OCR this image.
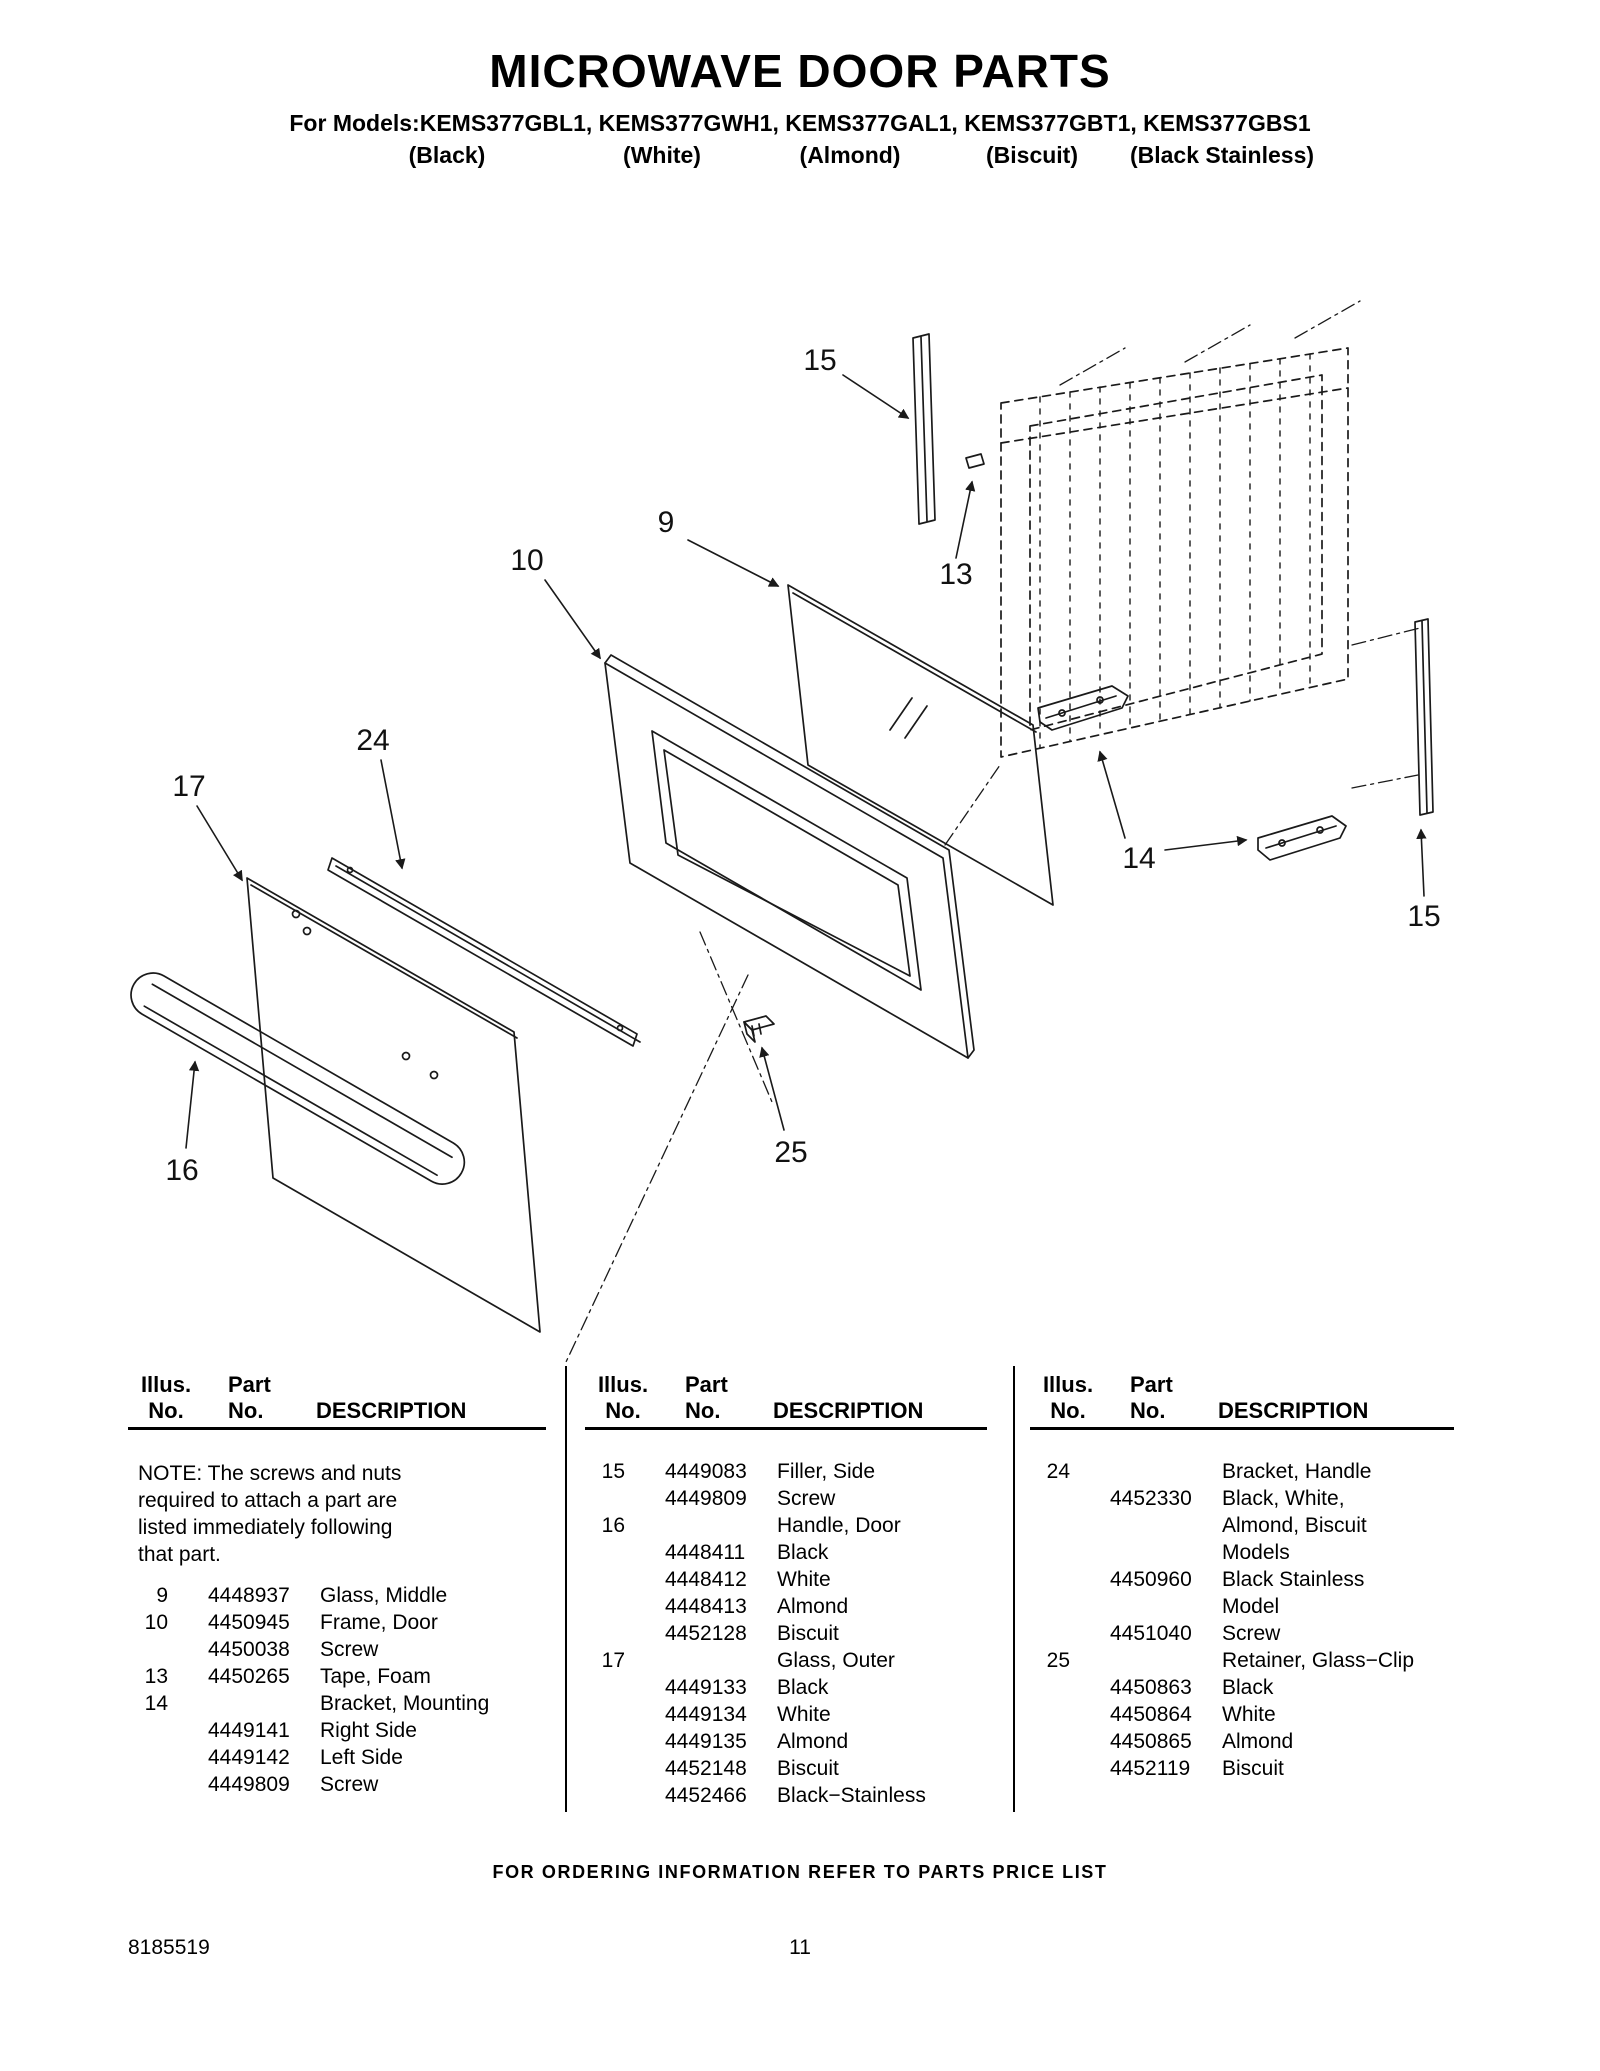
MICROWAVE DOOR PARTS
For Models:KEMS377GBL1, KEMS377GWH1, KEMS377GAL1, KEMS377GBT1, KEMS377GBS1
(Black)	(White)	(Almond)	(Biscuit) (Black Stainless)
15
13
9
10
24
17
16
14
15
25
Illus.
No.
Part
No.	DESCRIPTION
NOTE: The screws and nuts
required to attach a part are
listed immediately following
that part.
9 4448937	Glass, Middle
10 4450945	Frame, Door
4450038	Screw
13 4450265	Tape, Foam
14	Bracket, Mounting
4449141	Right Side
4449142	Left Side
4449809	Screw
Illus.
No.
Part
No.	DESCRIPTION
15 4449083	Filler, Side
4449809	Screw
16	Handle, Door
4448411	Black
4448412	White
4448413	Almond
4452128	Biscuit
17	Glass, Outer
4449133	Black
4449134	White
4449135	Almond
4452148	Biscuit
4452466	Black−Stainless
Illus.
No.
Part
No.	DESCRIPTION
24	Bracket, Handle
4452330	Black, White,
Almond, Biscuit
Models
4450960	Black Stainless
Model
4451040	Screw
25	Retainer, Glass−Clip
4450863	Black
4450864	White
4450865	Almond
4452119	Biscuit
FOR ORDERING INFORMATION REFER TO PARTS PRICE LIST
8185519	11
